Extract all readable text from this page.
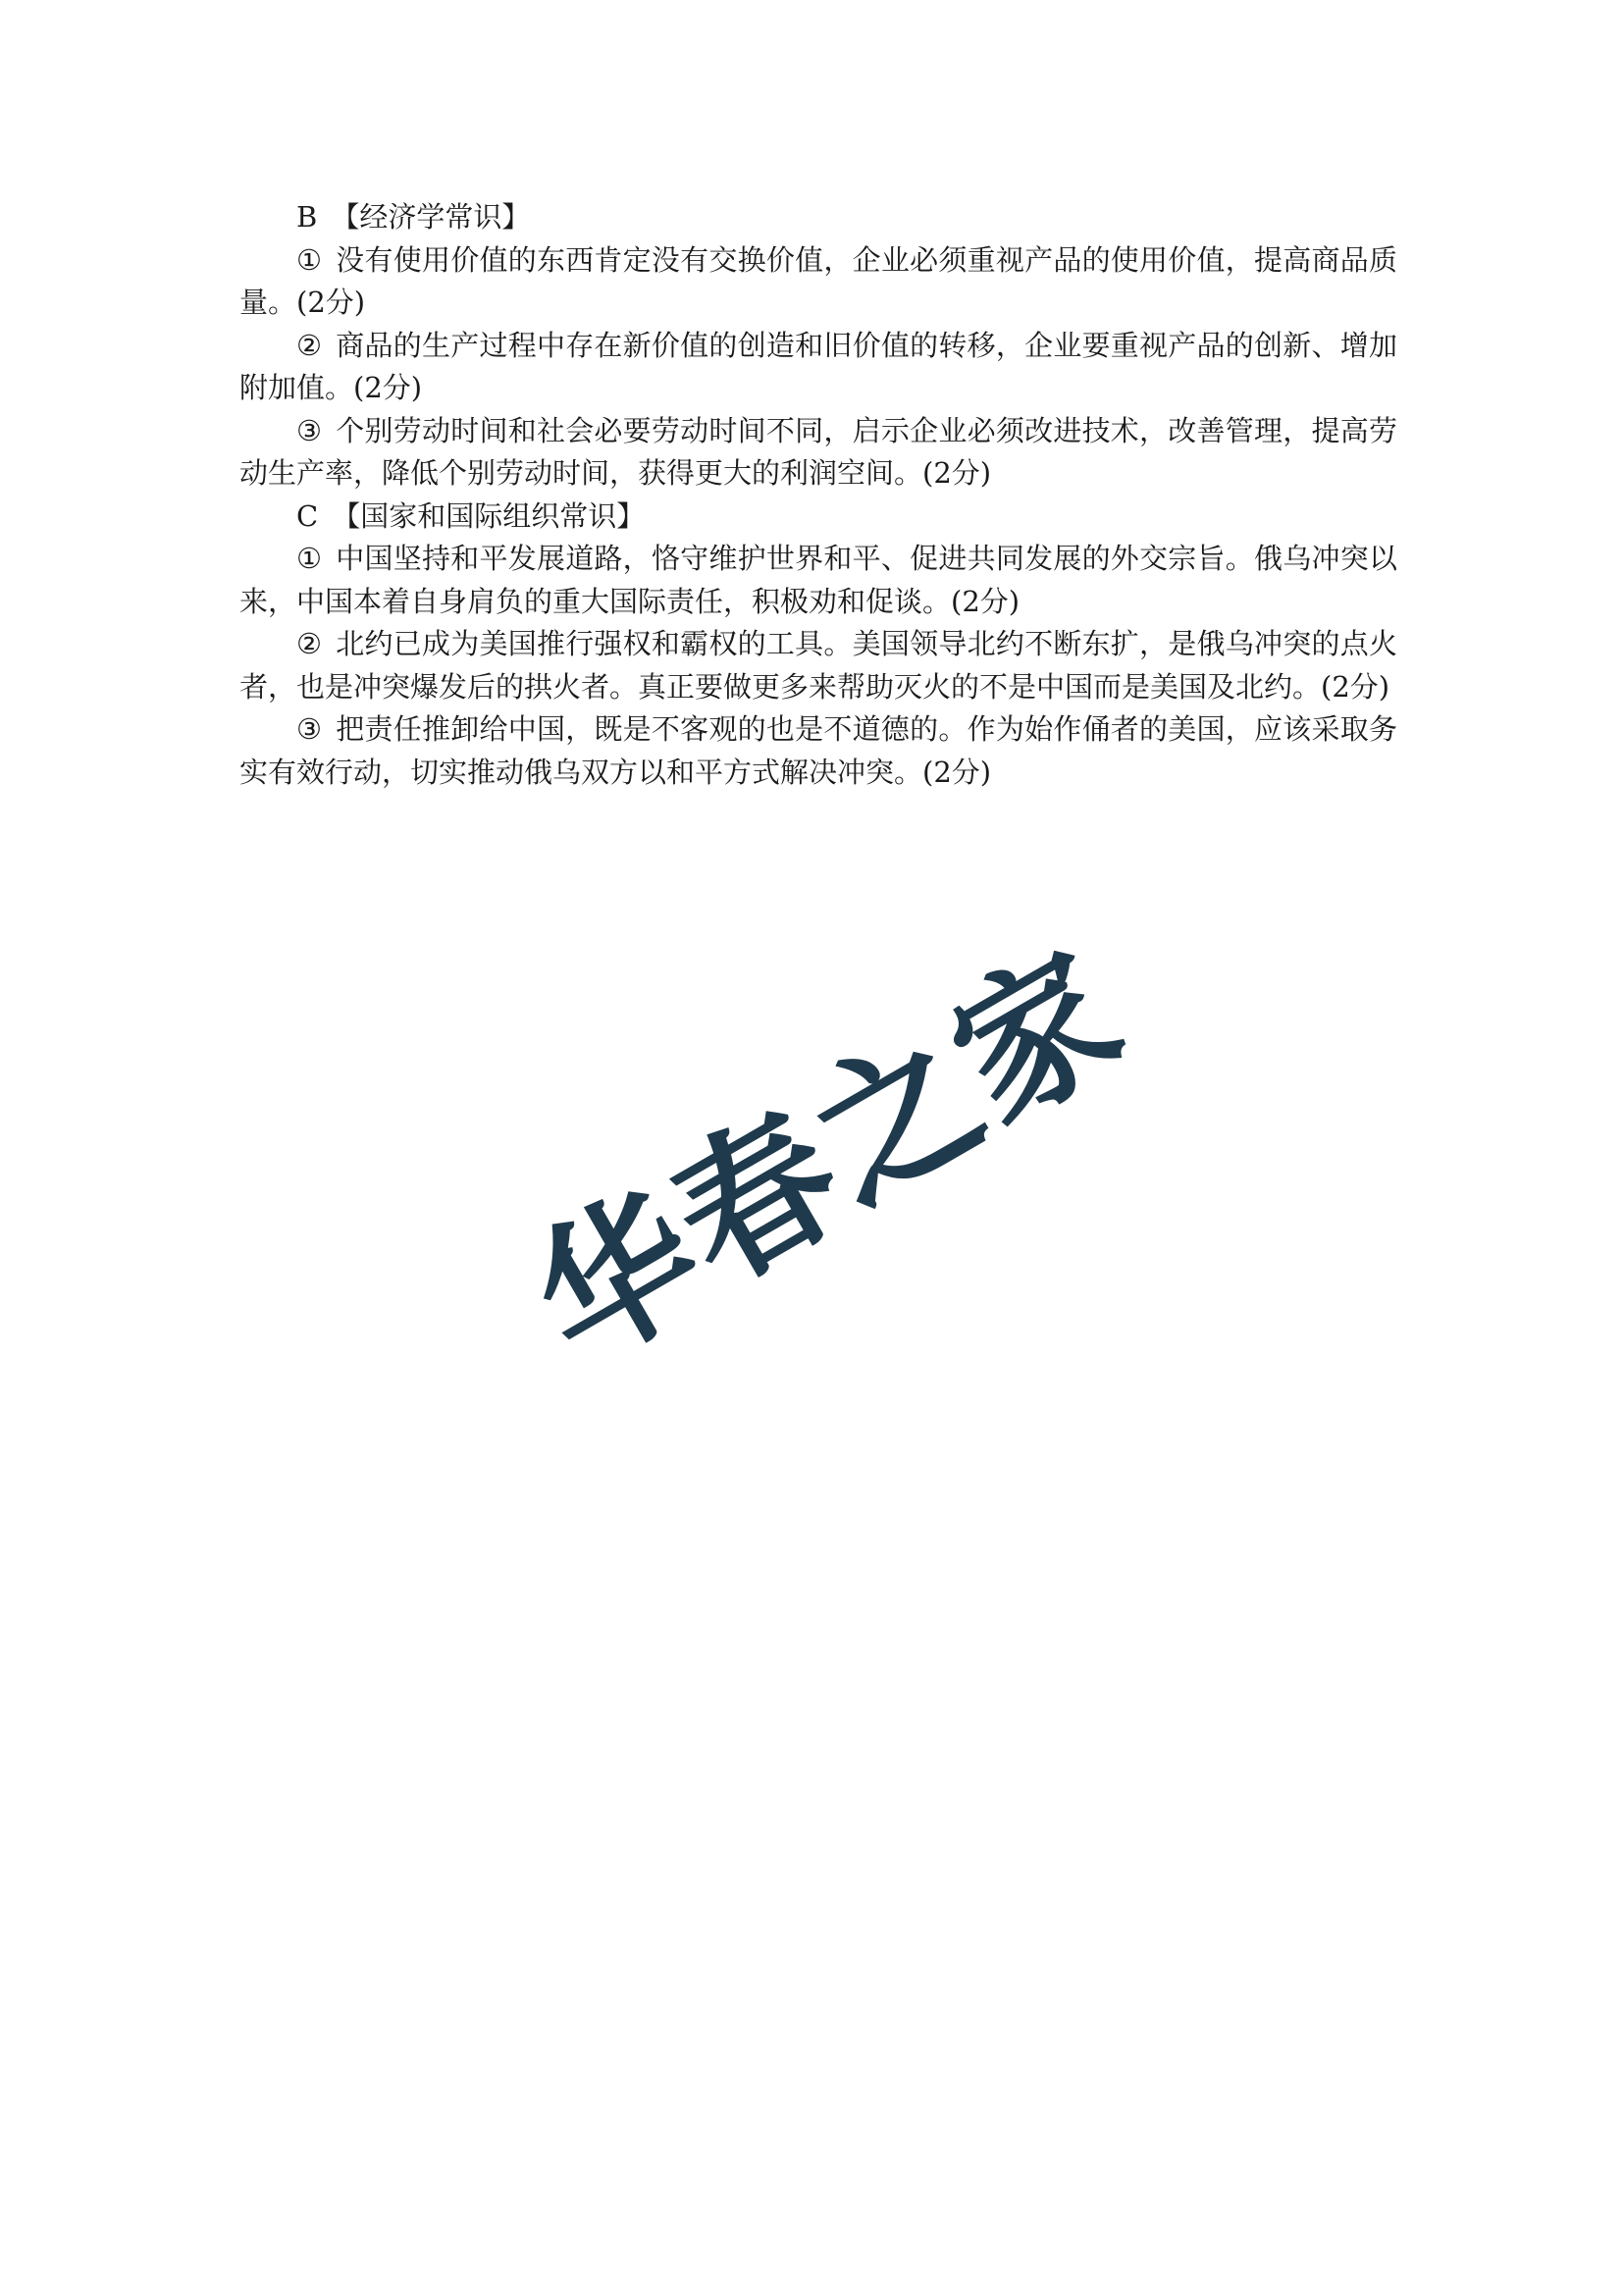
B 【经济学常识】

① 没有使用价值的东西肯定没有交换价值，企业必须重视产品的使用价值，提高商品质量。(2分)

② 商品的生产过程中存在新价值的创造和旧价值的转移，企业要重视产品的创新、增加附加值。(2分)

③ 个别劳动时间和社会必要劳动时间不同，启示企业必须改进技术，改善管理，提高劳动生产率，降低个别劳动时间，获得更大的利润空间。(2分)

C 【国家和国际组织常识】

① 中国坚持和平发展道路，恪守维护世界和平、促进共同发展的外交宗旨。俄乌冲突以来，中国本着自身肩负的重大国际责任，积极劝和促谈。(2分)

② 北约已成为美国推行强权和霸权的工具。美国领导北约不断东扩，是俄乌冲突的点火者，也是冲突爆发后的拱火者。真正要做更多来帮助灭火的不是中国而是美国及北约。(2分)

③ 把责任推卸给中国，既是不客观的也是不道德的。作为始作俑者的美国，应该采取务实有效行动，切实推动俄乌双方以和平方式解决冲突。(2分)

华春之家
